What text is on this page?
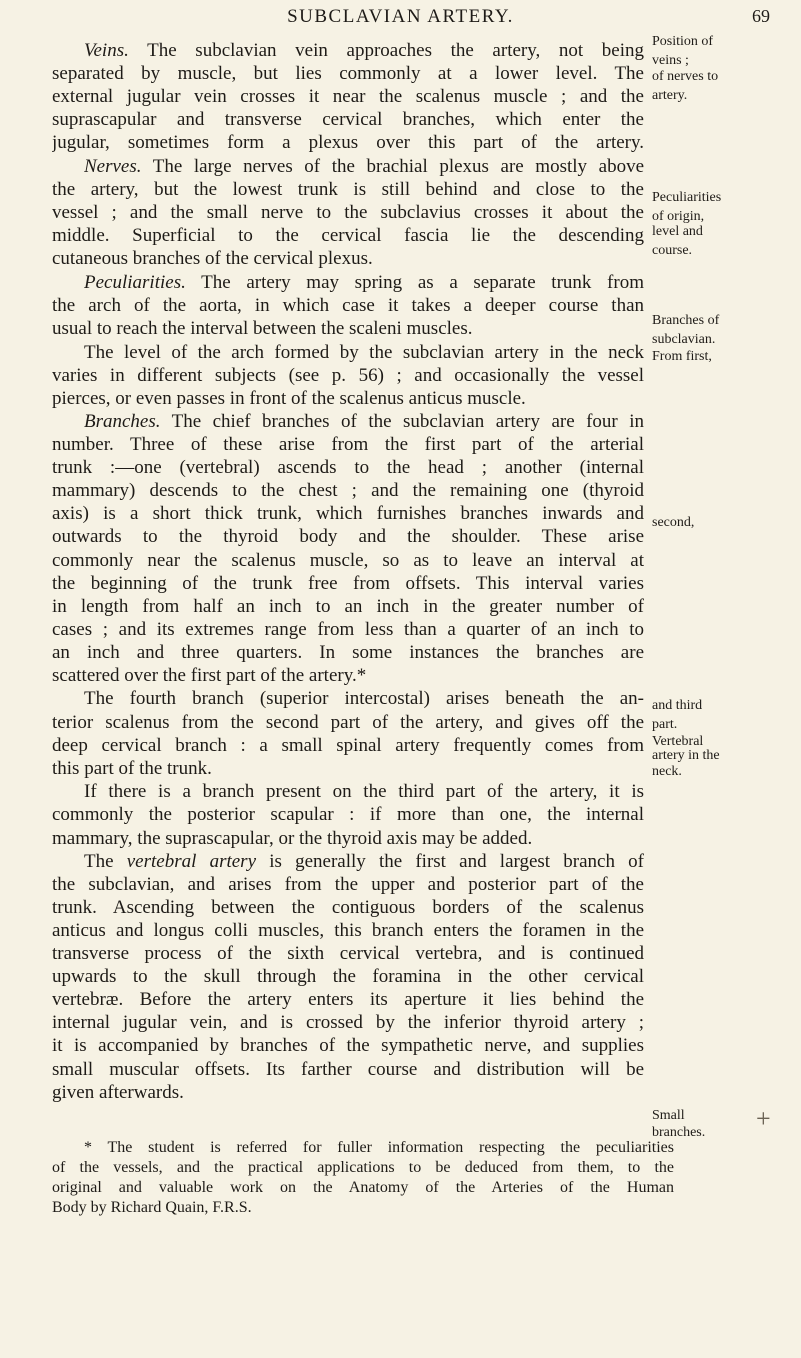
SUBCLAVIAN ARTERY.	69
Veins. The subclavian vein approaches the artery, not being
separated by muscle, but lies commonly at a lower level. The
external jugular vein crosses it near the scalenus muscle ; and the
suprascapular and transverse cervical branches, which enter the
jugular, sometimes form a plexus over this part of the artery.
Nerves. The large nerves of the brachial plexus are mostly above
the artery, but the lowest trunk is still behind and close to the
vessel ; and the small nerve to the subclavius crosses it about the
middle. Superficial to the cervical fascia lie the descending
cutaneous branches of the cervical plexus.
Peculiarities. The artery may spring as a separate trunk from
the arch of the aorta, in which case it takes a deeper course than
usual to reach the interval between the scaleni muscles.
The level of the arch formed by the subclavian artery in the neck
varies in different subjects (see p. 56) ; and occasionally the vessel
pierces, or even passes in front of the scalenus anticus muscle.
Branches. The chief branches of the subclavian artery are four in
number. Three of these arise from the first part of the arterial
trunk :—one (vertebral) ascends to the head ; another (internal
mammary) descends to the chest ; and the remaining one (thyroid
axis) is a short thick trunk, which furnishes branches inwards and
outwards to the thyroid body and the shoulder. These arise
commonly near the scalenus muscle, so as to leave an interval at
the beginning of the trunk free from offsets. This interval varies
in length from half an inch to an inch in the greater number of
cases ; and its extremes range from less than a quarter of an inch to
an inch and three quarters. In some instances the branches are
scattered over the first part of the artery.*
The fourth branch (superior intercostal) arises beneath the an-
terior scalenus from the second part of the artery, and gives off the
deep cervical branch : a small spinal artery frequently comes from
this part of the trunk.
If there is a branch present on the third part of the artery, it is
commonly the posterior scapular : if more than one, the internal
mammary, the suprascapular, or the thyroid axis may be added.
The vertebral artery is generally the first and largest branch of
the subclavian, and arises from the upper and posterior part of the
trunk. Ascending between the contiguous borders of the scalenus
anticus and longus colli muscles, this branch enters the foramen in the
transverse process of the sixth cervical vertebra, and is continued
upwards to the skull through the foramina in the other cervical
vertebræ. Before the artery enters its aperture it lies behind the
internal jugular vein, and is crossed by the inferior thyroid artery ;
it is accompanied by branches of the sympathetic nerve, and supplies
small muscular offsets. Its farther course and distribution will be
given afterwards.
Position of
veins ;
of nerves to
artery.
Peculiarities
of origin,
level and
course.
Branches of
subclavian.
From first,
second,
and third
part.
Vertebral
artery in the
neck.
Small
branches.
* The student is referred for fuller information respecting the peculiarities
of the vessels, and the practical applications to be deduced from them, to the
original and valuable work on the Anatomy of the Arteries of the Human
Body by Richard Quain, F.R.S.
+
